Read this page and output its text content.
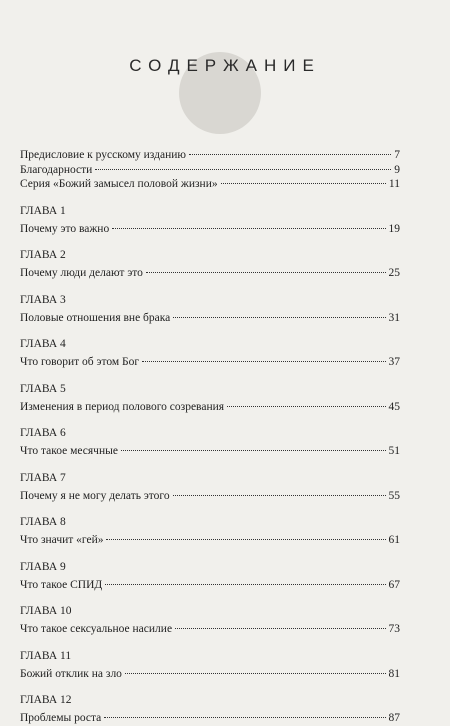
СОДЕРЖАНИЕ
Предисловие к русскому изданию	7
Благодарности	9
Серия «Божий замысел половой жизни»	11
ГЛАВА 1
Почему это важно	19
ГЛАВА 2
Почему люди делают это	25
ГЛАВА 3
Половые отношения вне брака	31
ГЛАВА 4
Что говорит об этом Бог	37
ГЛАВА 5
Изменения в период полового созревания	45
ГЛАВА 6
Что такое месячные	51
ГЛАВА 7
Почему я не могу делать этого	55
ГЛАВА 8
Что значит «гей»	61
ГЛАВА 9
Что такое СПИД	67
ГЛАВА 10
Что такое сексуальное насилие	73
ГЛАВА 11
Божий отклик на зло	81
ГЛАВА 12
Проблемы роста	87
